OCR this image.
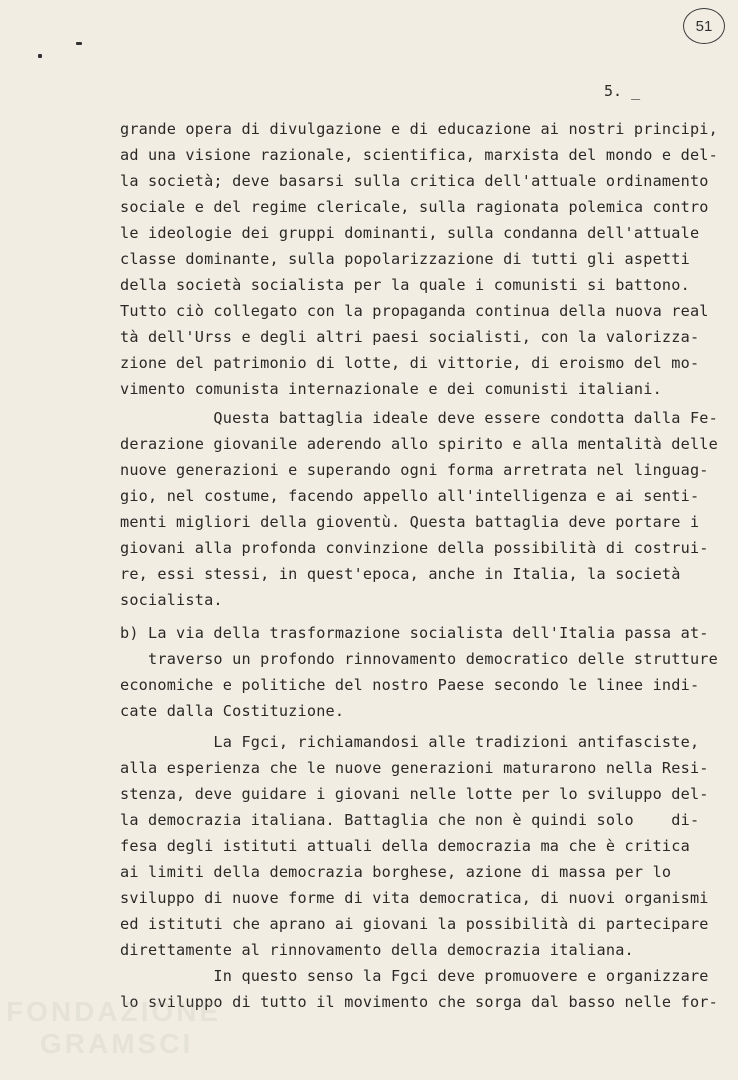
51
5. _
grande opera di divulgazione e di educazione ai nostri principi,
ad una visione razionale, scientifica, marxista del mondo e del-
la società; deve basarsi sulla critica dell'attuale ordinamento
sociale e del regime clericale, sulla ragionata polemica contro
le ideologie dei gruppi dominanti, sulla condanna dell'attuale
classe dominante, sulla popolarizzazione di tutti gli aspetti
della società socialista per la quale i comunisti si battono.
Tutto ciò collegato con la propaganda continua della nuova real
tà dell'Urss e degli altri paesi socialisti, con la valorizza-
zione del patrimonio di lotte, di vittorie, di eroismo del mo-
vimento comunista internazionale e dei comunisti italiani.
Questa battaglia ideale deve essere condotta dalla Fe-
derazione giovanile aderendo allo spirito e alla mentalità delle
nuove generazioni e superando ogni forma arretrata nel linguag-
gio, nel costume, facendo appello all'intelligenza e ai senti-
menti migliori della gioventù. Questa battaglia deve portare i
giovani alla profonda convinzione della possibilità di costrui-
re, essi stessi, in quest'epoca, anche in Italia, la società
socialista.
b) La via della trasformazione socialista dell'Italia passa at-
traverso un profondo rinnovamento democratico delle strutture
economiche e politiche del nostro Paese secondo le linee indi-
cate dalla Costituzione.
La Fgci, richiamandosi alle tradizioni antifasciste,
alla esperienza che le nuove generazioni maturarono nella Resi-
stenza, deve guidare i giovani nelle lotte per lo sviluppo del-
la democrazia italiana. Battaglia che non è quindi solo    di-
fesa degli istituti attuali della democrazia ma che è critica
ai limiti della democrazia borghese, azione di massa per lo
sviluppo di nuove forme di vita democratica, di nuovi organismi
ed istituti che aprano ai giovani la possibilità di partecipare
direttamente al rinnovamento della democrazia italiana.
In questo senso la Fgci deve promuovere e organizzare
lo sviluppo di tutto il movimento che sorga dal basso nelle for-
FONDAZIONE
GRAMSCI
